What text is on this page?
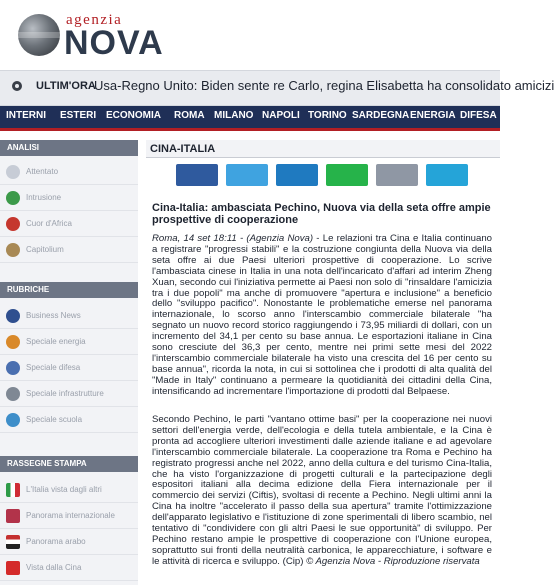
agenzia
NOVA
ULTIM'ORA
Usa-Regno Unito: Biden sente re Carlo, regina Elisabetta ha consolidato amicizi
INTERNI ESTERI ECONOMIA ROMA MILANO NAPOLI TORINO SARDEGNA ENERGIA DIFESA
ANALISI
Attentato
Intrusione
Cuor d'Africa
Capitolium
RUBRICHE
Business News
Speciale energia
Speciale difesa
Speciale infrastrutture
Speciale scuola
RASSEGNE STAMPA
L'Italia vista dagli altri
Panorama internazionale
Panorama arabo
Vista dalla Cina
CINA-ITALIA
Cina-Italia: ambasciata Pechino, Nuova via della seta offre ampie prospettive di cooperazione

Roma, 14 set 18:11 - (Agenzia Nova) - Le relazioni tra Cina e Italia continuano a registrare "progressi stabili" e la costruzione congiunta della Nuova via della seta offre ai due Paesi ulteriori prospettive di cooperazione. Lo scrive l'ambasciata cinese in Italia in una nota dell'incaricato d'affari ad interim Zheng Xuan, secondo cui l'iniziativa permette ai Paesi non solo di "rinsaldare l'amicizia tra i due popoli" ma anche di promuovere "apertura e inclusione" a beneficio dello "sviluppo pacifico". Nonostante le problematiche emerse nel panorama internazionale, lo scorso anno l'interscambio commerciale bilaterale "ha segnato un nuovo record storico raggiungendo i 73,95 miliardi di dollari, con un incremento del 34,1 per cento su base annua. Le esportazioni italiane in Cina sono cresciute del 36,3 per cento, mentre nei primi sette mesi del 2022 l'interscambio commerciale bilaterale ha visto una crescita del 16 per cento su base annua", ricorda la nota, in cui si sottolinea che i prodotti di alta qualità del "Made in Italy" continuano a permeare la quotidianità dei cittadini della Cina, intensificando ad incrementare l'importazione di prodotti dal Belpaese.

Secondo Pechino, le parti "vantano ottime basi" per la cooperazione nei nuovi settori dell'energia verde, dell'ecologia e della tutela ambientale, e la Cina è pronta ad accogliere ulteriori investimenti dalle aziende italiane e ad agevolare l'interscambio commerciale bilaterale. La cooperazione tra Roma e Pechino ha registrato progressi anche nel 2022, anno della cultura e del turismo Cina-Italia, che ha visto l'organizzazione di progetti culturali e la partecipazione degli espositori italiani alla decima edizione della Fiera internazionale per il commercio dei servizi (Ciftis), svoltasi di recente a Pechino. Negli ultimi anni la Cina ha inoltre "accelerato il passo della sua apertura" tramite l'ottimizzazione dell'apparato legislativo e l'istituzione di zone sperimentali di libero scambio, nel tentativo di "condividere con gli altri Paesi le sue opportunità" di sviluppo. Per Pechino restano ampie le prospettive di cooperazione con l'Unione europea, soprattutto sui fronti della neutralità carbonica, le apparecchiature, i software e le attività di ricerca e sviluppo. (Cip) © Agenzia Nova - Riproduzione riservata
